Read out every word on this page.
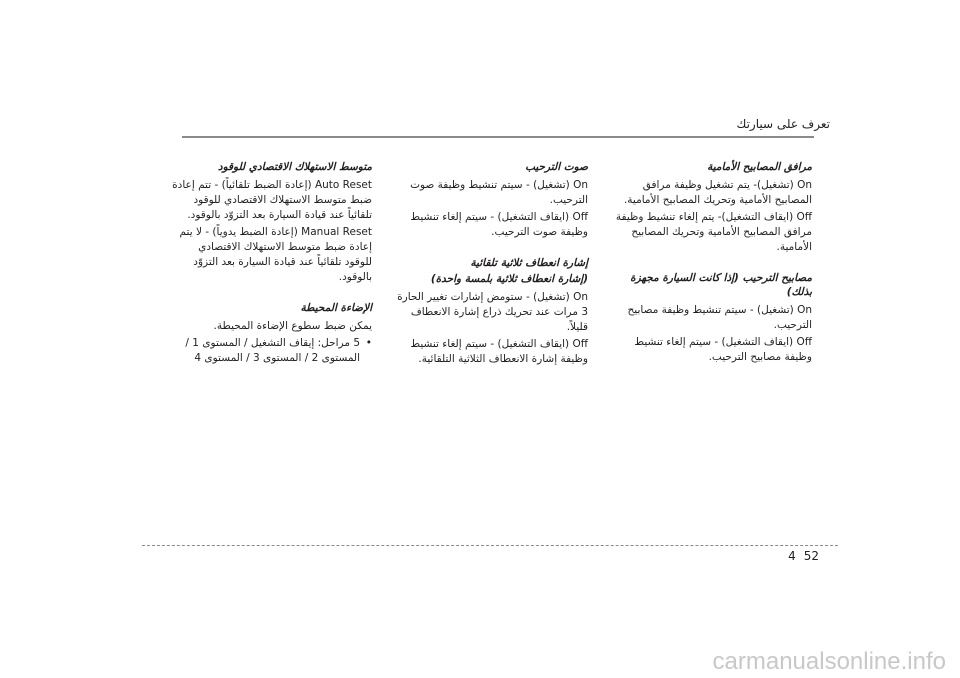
تعرف على سيارتك
مرافق المصابيح الأمامية

On (تشغيل)- يتم تشغيل وظيفة مرافق المصابيح الأمامية وتحريك المصابيح الأمامية.

Off (ايقاف التشغيل)- يتم إلغاء تنشيط وظيفة مرافق المصابيح الأمامية وتحريك المصابيح الأمامية.

مصابيح الترحيب (إذا كانت السيارة مجهزة بذلك)

On (تشغيل) - سيتم تنشيط وظيفة مصابيح الترحيب.

Off (ايقاف التشغيل) - سيتم إلغاء تنشيط وظيفة مصابيح الترحيب.

صوت الترحيب

On (تشغيل) - سيتم تنشيط وظيفة صوت الترحيب.

Off (ايقاف التشغيل) - سيتم إلغاء تنشيط وظيفة صوت الترحيب.

إشارة انعطاف ثلاثية تلقائية
(إشارة انعطاف ثلاثية بلمسة واحدة)

On (تشغيل) - ستومض إشارات تغيير الحارة 3 مرات عند تحريك ذراع إشارة الانعطاف قليلاً.

Off (ايقاف التشغيل) - سيتم إلغاء تنشيط وظيفة إشارة الانعطاف الثلاثية التلقائية.

متوسط الاستهلاك الاقتصادي للوقود

Auto Reset (إعادة الضبط تلقائياً) - تتم إعادة ضبط متوسط الاستهلاك الاقتصادي للوقود تلقائياً عند قيادة السيارة بعد التزوّد بالوقود.

Manual Reset (إعادة الضبط يدوياً) - لا يتم إعادة ضبط متوسط الاستهلاك الاقتصادي للوقود تلقائياً عند قيادة السيارة بعد التزوّد بالوقود.

الإضاءة المحيطة

يمكن ضبط سطوع الإضاءة المحيطة.

•
5 مراحل: إيقاف التشغيل / المستوى 1 / المستوى 2 / المستوى 3 / المستوى 4
4 52
carmanualsonline.info
